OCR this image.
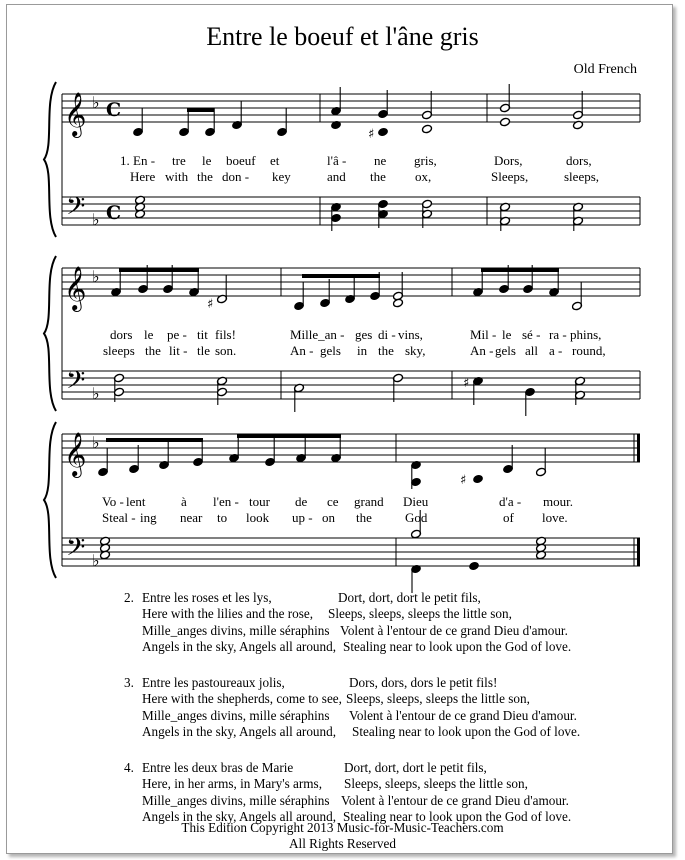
Entre le boeuf et l'âne gris
Old French
𝄞
𝄢
♭
♭
C
C
1. En - tre le boeuf et	l'â - ne gris,	Dors,	dors,
Here with the don - key	and the ox,	Sleeps,	sleeps,
♯
𝄞
𝄢
♭
♭
dors le pe - tit fils!	Mille_an - ges di - vins,	Mil - le sé - ra - phins,
sleeps the lit - tle son.	An - gels in the sky,	An - gels all a - round,
♯
♯
𝄞
𝄢
♭
♭
Vo - lent	à l'en - tour de ce grand Dieu	d'a - mour.
Steal - ing near to look up - on the	God	of love.
♯
2. Entre les roses et les lys,	Dort, dort, dort le petit fils,
Here with the lilies and the rose, Sleeps, sleeps, sleeps the little son,
Mille_anges divins, mille séraphins Volent à l'entour de ce grand Dieu d'amour.
Angels in the sky, Angels all around, Stealing near to look upon the God of love.
3. Entre les pastoureaux jolis,	Dors, dors, dors le petit fils!
Here with the shepherds, come to see, Sleeps, sleeps, sleeps the little son,
Mille_anges divins, mille séraphins Volent à l'entour de ce grand Dieu d'amour.
Angels in the sky, Angels all around, Stealing near to look upon the God of love.
4. Entre les deux bras de Marie	Dort, dort, dort le petit fils,
Here, in her arms, in Mary's arms, Sleeps, sleeps, sleeps the little son,
Mille_anges divins, mille séraphins Volent à l'entour de ce grand Dieu d'amour.
Angels in the sky, Angels all around, Stealing near to look upon the God of love.
This Edition Copyright 2013 Music-for-Music-Teachers.com
All Rights Reserved
